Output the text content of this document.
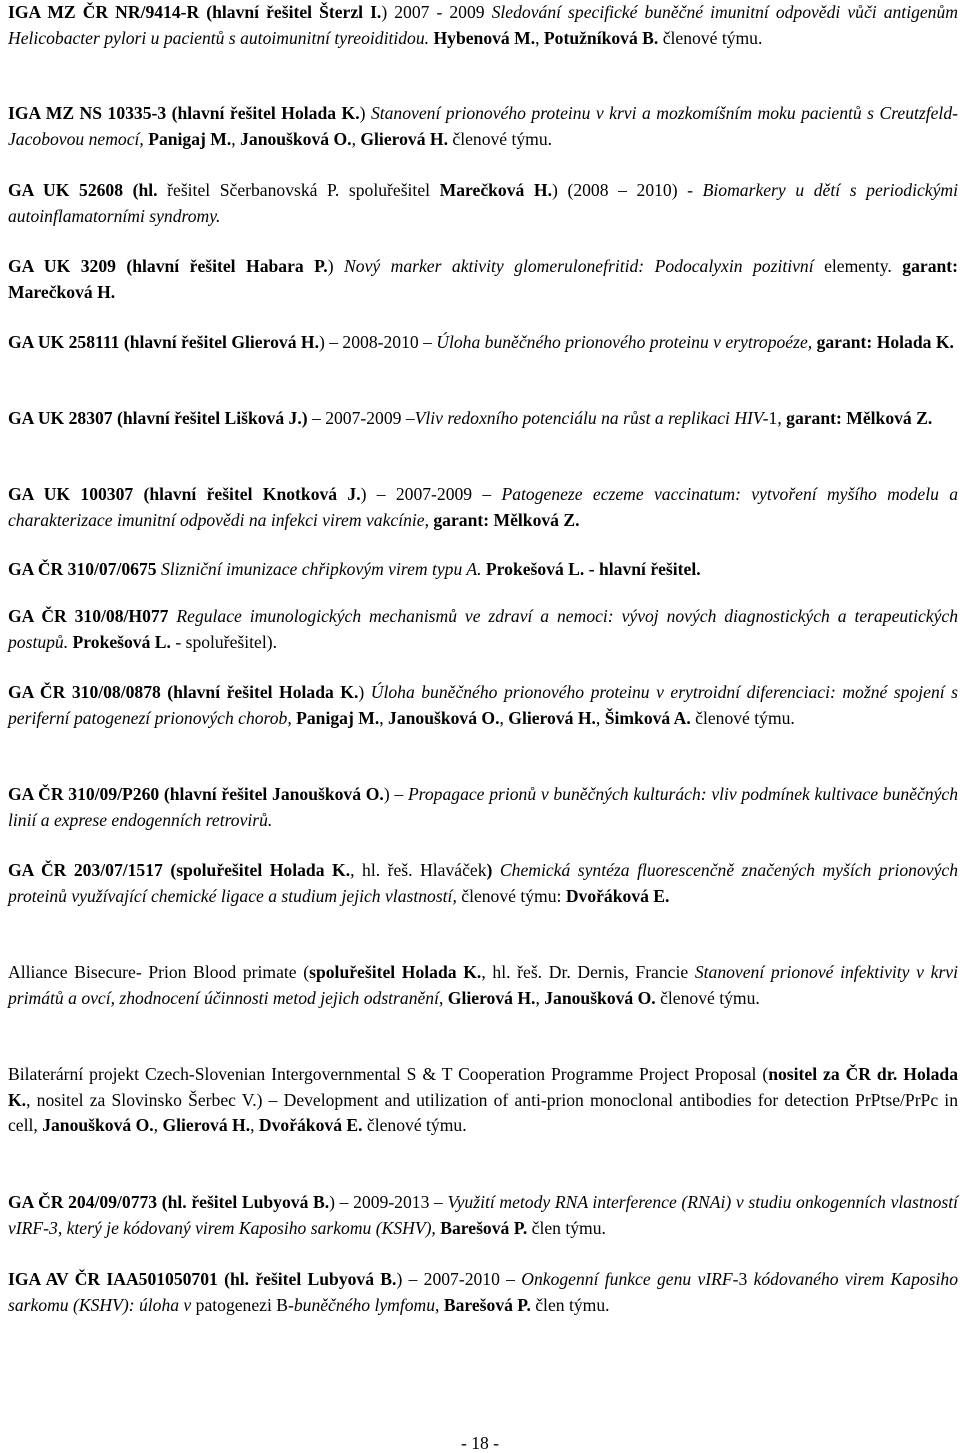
IGA MZ ČR NR/9414-R (hlavní řešitel Šterzl I.) 2007 - 2009 Sledování specifické buněčné imunitní odpovědi vůči antigenům Helicobacter pylori u pacientů s autoimunitní tyreoiditidou. Hybenová M., Potužníková B. členové týmu.

IGA MZ NS 10335-3 (hlavní řešitel Holada K.) Stanovení prionového proteinu v krvi a mozkomíšním moku pacientů s Creutzfeld-Jacobovou nemocí, Panigaj M., Janoušková O., Glierová H. členové týmu.

GA UK 52608 (hl. řešitel Sčerbanovská P. spoluřešitel Marečková H.) (2008 – 2010) - Biomarkery u dětí s periodickými autoinflamatorními syndromy.

GA UK 3209 (hlavní řešitel Habara P.) Nový marker aktivity glomerulonefritid: Podocalyxin pozitivní elementy. garant: Marečková H.

GA UK 258111 (hlavní řešitel Glierová H.) – 2008-2010 – Úloha buněčného prionového proteinu v erytropoéze, garant: Holada K.

GA UK 28307 (hlavní řešitel Lišková J.) – 2007-2009 –Vliv redoxního potenciálu na růst a replikaci HIV-1, garant: Mělková Z.

GA UK 100307 (hlavní řešitel Knotková J.) – 2007-2009 – Patogeneze eczeme vaccinatum: vytvoření myšího modelu a charakterizace imunitní odpovědi na infekci virem vakcínie, garant: Mělková Z.

GA ČR 310/07/0675 Slizniční imunizace chřipkovým virem typu A. Prokešová L. - hlavní řešitel.

GA ČR 310/08/H077 Regulace imunologických mechanismů ve zdraví a nemoci: vývoj nových diagnostických a terapeutických postupů. Prokešová L. - spoluřešitel).

GA ČR 310/08/0878 (hlavní řešitel Holada K.) Úloha buněčného prionového proteinu v erytroidní diferenciaci: možné spojení s periferní patogenezí prionových chorob, Panigaj M., Janoušková O., Glierová H., Šimková A. členové týmu.

GA ČR 310/09/P260 (hlavní řešitel Janoušková O.) – Propagace prionů v buněčných kulturách: vliv podmínek kultivace buněčných linií a exprese endogenních retrovirů.

GA ČR 203/07/1517 (spoluřešitel Holada K., hl. řeš. Hlaváček) Chemická syntéza fluorescenčně značených myších prionových proteinů využívající chemické ligace a studium jejich vlastností, členové týmu: Dvořáková E.

Alliance Bisecure- Prion Blood primate (spoluřešitel Holada K., hl. řeš. Dr. Dernis, Francie Stanovení prionové infektivity v krvi primátů a ovcí, zhodnocení účinnosti metod jejich odstranění, Glierová H., Janoušková O. členové týmu.

Bilaterární projekt Czech-Slovenian Intergovernmental S & T Cooperation Programme Project Proposal (nositel za ČR dr. Holada K., nositel za Slovinsko Šerbec V.) – Development and utilization of anti-prion monoclonal antibodies for detection PrPtse/PrPc in cell, Janoušková O., Glierová H., Dvořáková E. členové týmu.

GA ČR 204/09/0773 (hl. řešitel Lubyová B.) – 2009-2013 – Využití metody RNA interference (RNAi) v studiu onkogenních vlastností vIRF-3, který je kódovaný virem Kaposiho sarkomu (KSHV), Barešová P. člen týmu.

IGA AV ČR IAA501050701 (hl. řešitel Lubyová B.) – 2007-2010 – Onkogenní funkce genu vIRF-3 kódovaného virem Kaposiho sarkomu (KSHV): úloha v patogenezi B-buněčného lymfomu, Barešová P. člen týmu.

- 18 -
